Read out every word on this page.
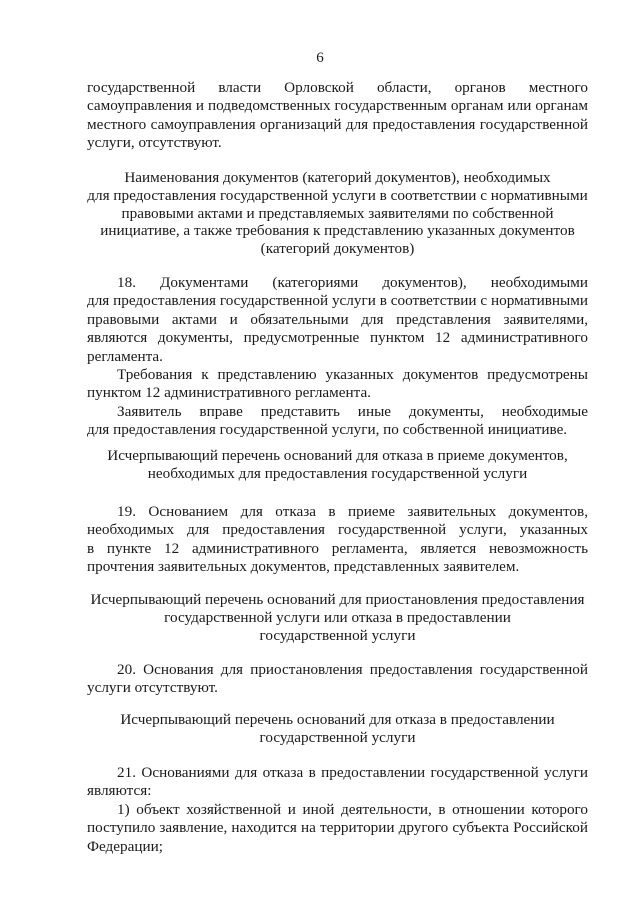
6
государственной власти Орловской области, органов местного
самоуправления и подведомственных государственным органам или органам
местного самоуправления организаций для предоставления государственной
услуги, отсутствуют.
Наименования документов (категорий документов), необходимых
для предоставления государственной услуги в соответствии с нормативными
правовыми актами и представляемых заявителями по собственной
инициативе, а также требования к представлению указанных документов
(категорий документов)
18. Документами (категориями документов), необходимыми
для предоставления государственной услуги в соответствии с нормативными
правовыми актами и обязательными для представления заявителями,
являются документы, предусмотренные пунктом 12 административного
регламента.
Требования к представлению указанных документов предусмотрены
пунктом 12 административного регламента.
Заявитель вправе представить иные документы, необходимые
для предоставления государственной услуги, по собственной инициативе.
Исчерпывающий перечень оснований для отказа в приеме документов,
необходимых для предоставления государственной услуги
19. Основанием для отказа в приеме заявительных документов,
необходимых для предоставления государственной услуги, указанных
в пункте 12 административного регламента, является невозможность
прочтения заявительных документов, представленных заявителем.
Исчерпывающий перечень оснований для приостановления предоставления
государственной услуги или отказа в предоставлении
государственной услуги
20. Основания для приостановления предоставления государственной
услуги отсутствуют.
Исчерпывающий перечень оснований для отказа в предоставлении
государственной услуги
21. Основаниями для отказа в предоставлении государственной услуги
являются:
1) объект хозяйственной и иной деятельности, в отношении которого
поступило заявление, находится на территории другого субъекта Российской
Федерации;
